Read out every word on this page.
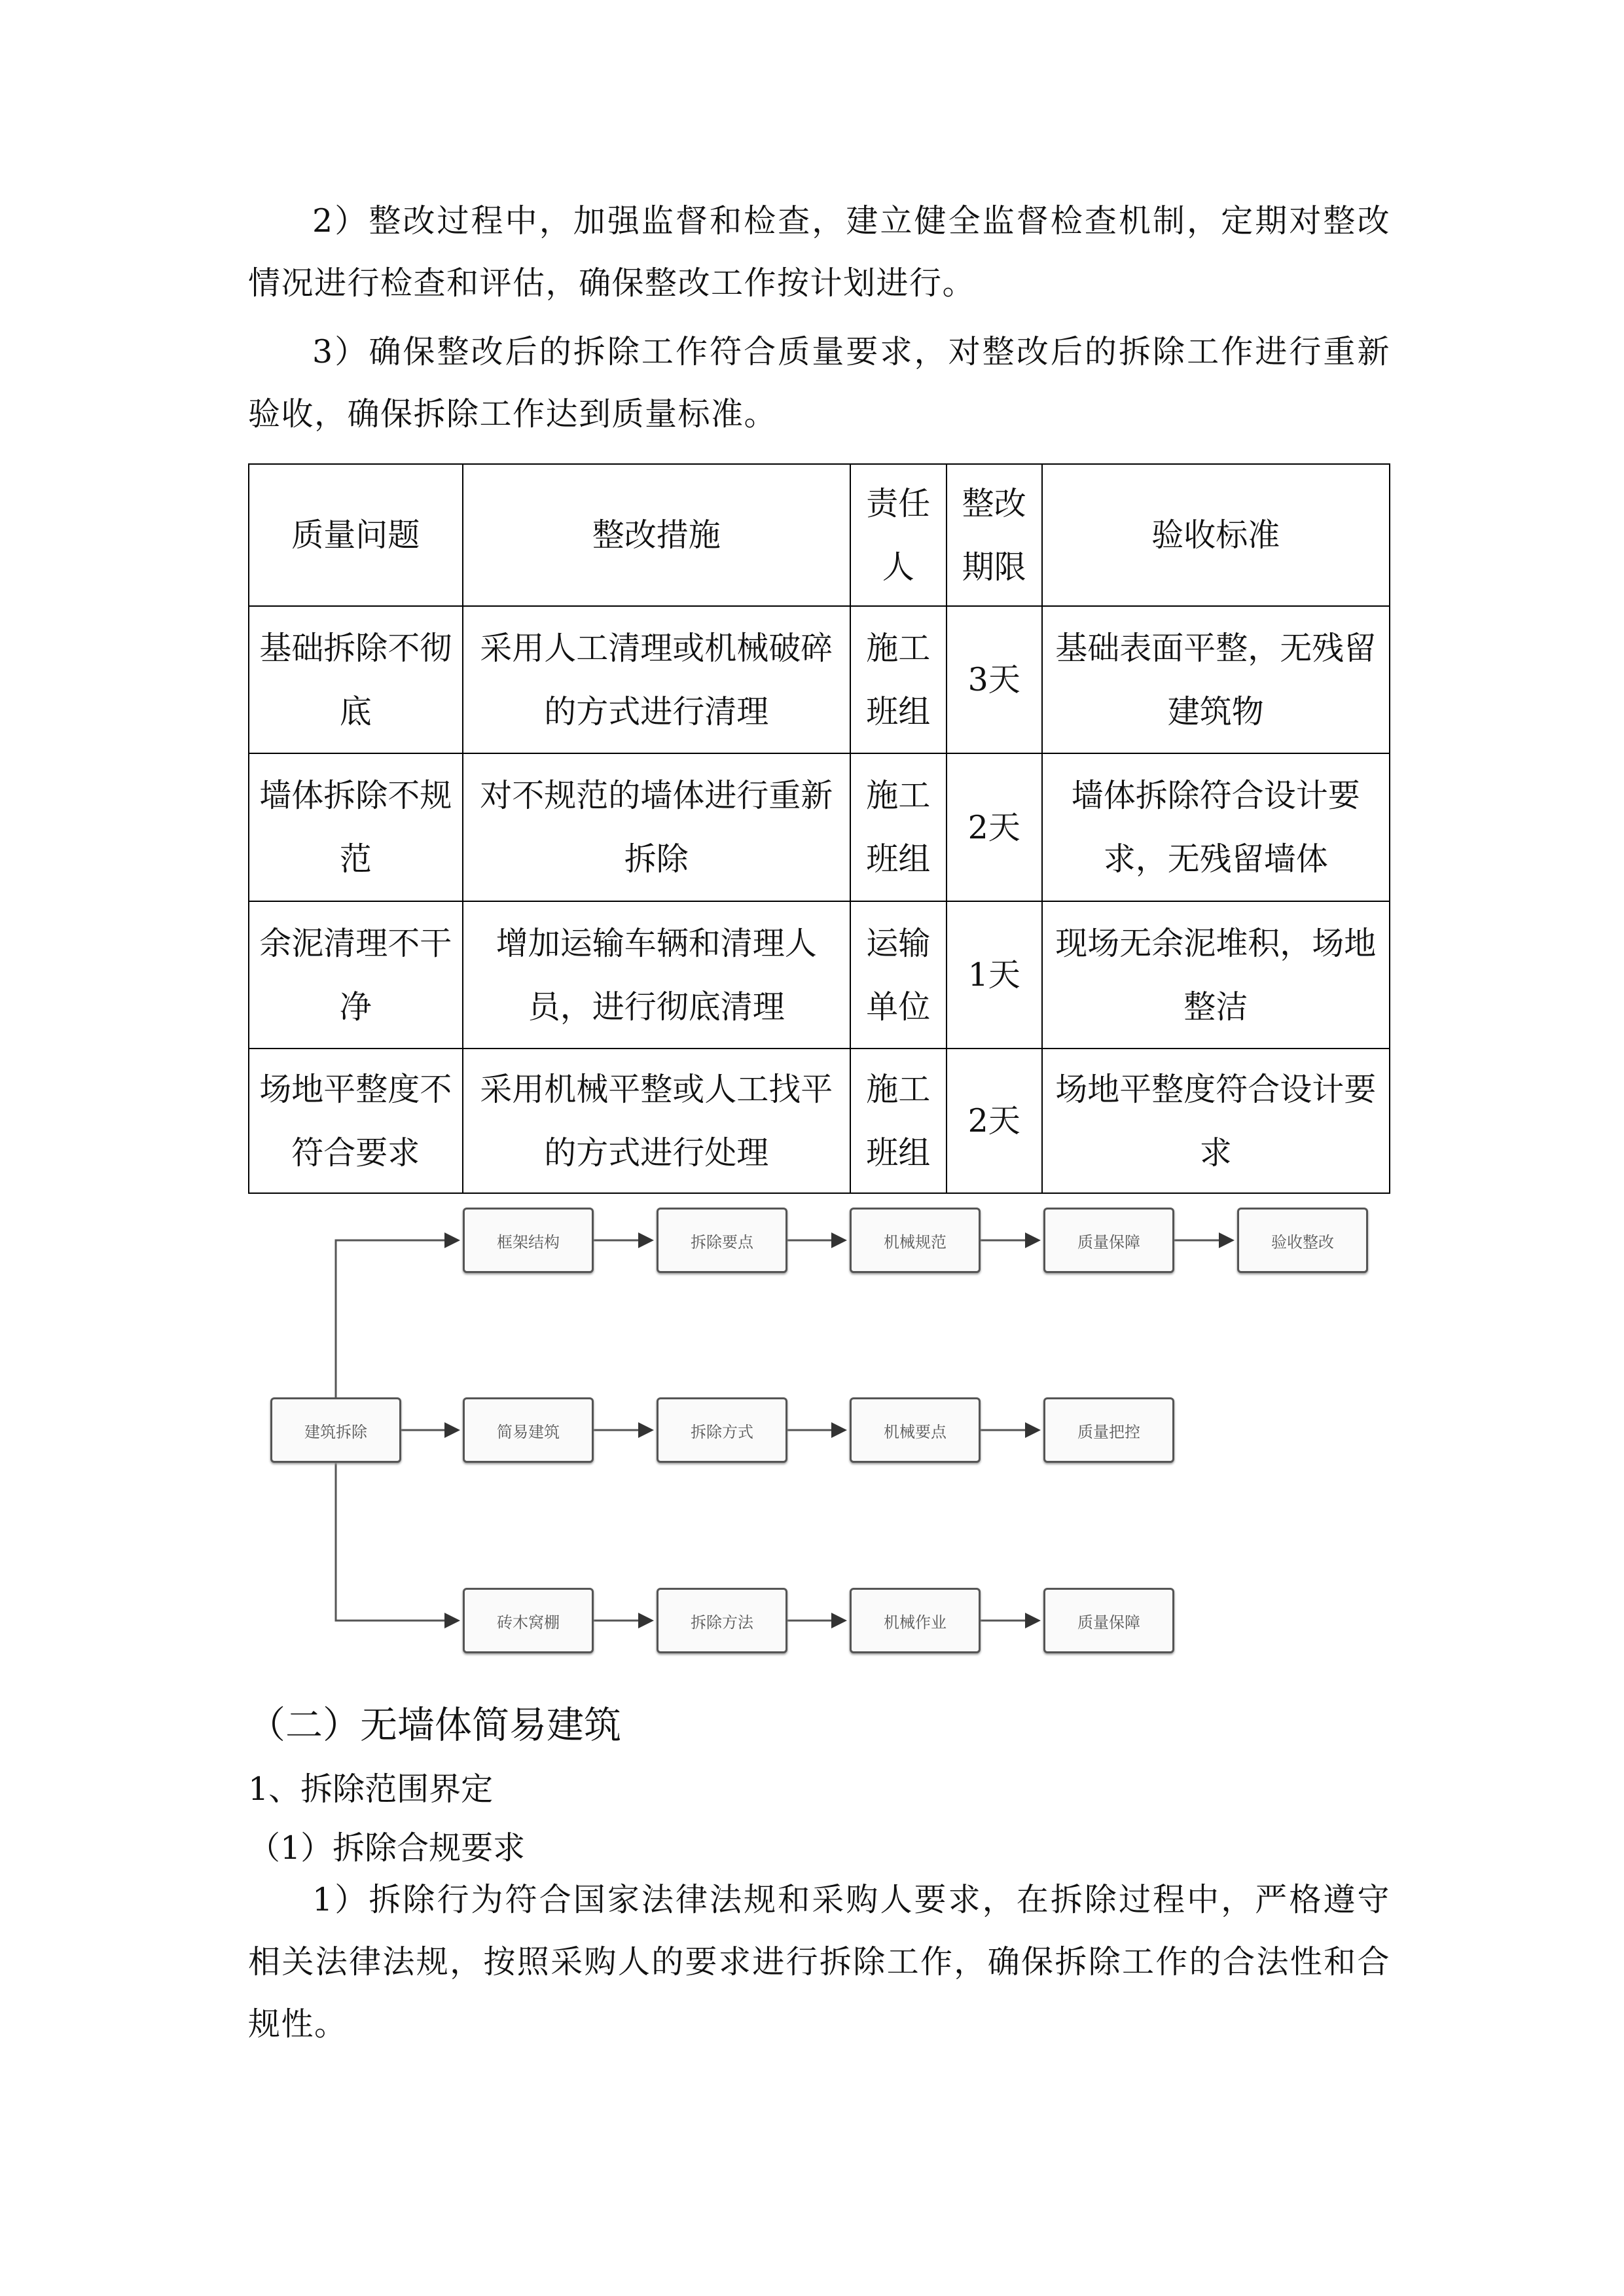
2）整改过程中，加强监督和检查，建立健全监督检查机制，定期对整改情况进行检查和评估，确保整改工作按计划进行。

3）确保整改后的拆除工作符合质量要求，对整改后的拆除工作进行重新验收，确保拆除工作达到质量标准。

质量问题	整改措施	责任人	整改期限	验收标准
基础拆除不彻底	采用人工清理或机械破碎的方式进行清理	施工班组	3天	基础表面平整，无残留建筑物
墙体拆除不规范	对不规范的墙体进行重新拆除	施工班组	2天	墙体拆除符合设计要求，无残留墙体
余泥清理不干净	增加运输车辆和清理人员，进行彻底清理	运输单位	1天	现场无余泥堆积，场地整洁
场地平整度不符合要求	采用机械平整或人工找平的方式进行处理	施工班组	2天	场地平整度符合设计要求
建筑拆除
框架结构	拆除要点	机械规范	质量保障	验收整改
简易建筑	拆除方式	机械要点	质量把控
砖木窝棚	拆除方法	机械作业	质量保障
（二）无墙体简易建筑
1、拆除范围界定
（1）拆除合规要求

1）拆除行为符合国家法律法规和采购人要求，在拆除过程中，严格遵守相关法律法规，按照采购人的要求进行拆除工作，确保拆除工作的合法性和合规性。
